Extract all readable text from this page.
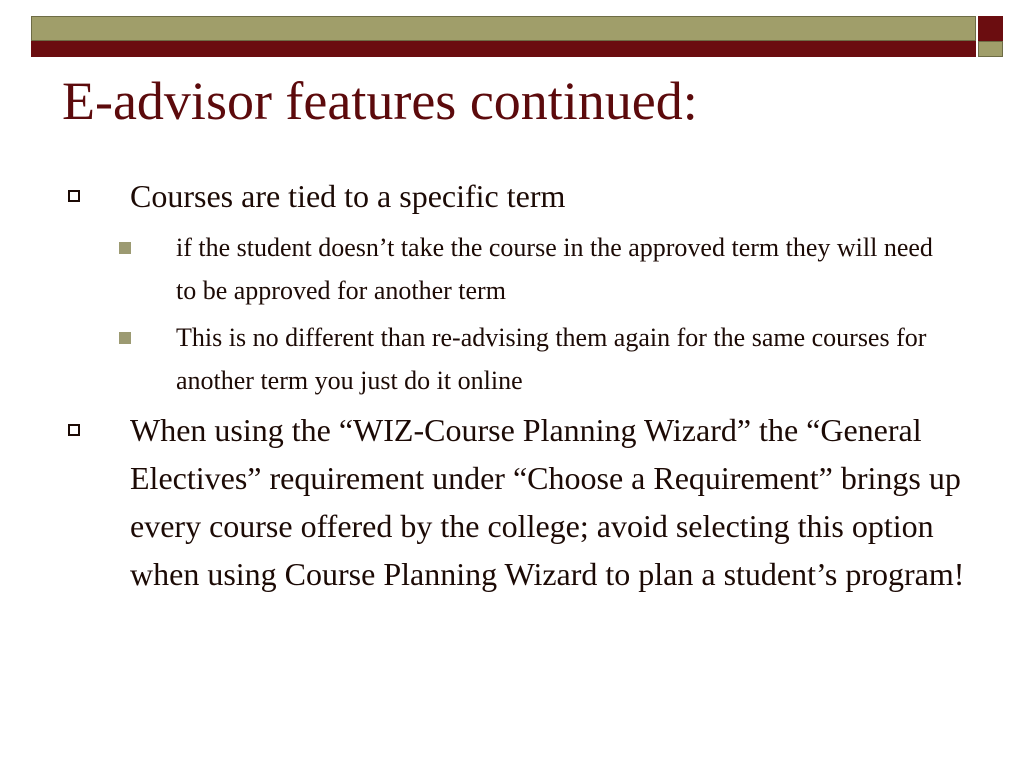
E-advisor features continued:
Courses are tied to a specific term
if the student doesn’t take the course in the approved term they will need to be approved for another term
This is no different than re-advising them again for the same courses for another term you just do it online
When using the “WIZ-Course Planning Wizard” the “General Electives” requirement under “Choose a Requirement” brings up every course offered by the college; avoid selecting this option when using Course Planning Wizard to plan a student’s program!
